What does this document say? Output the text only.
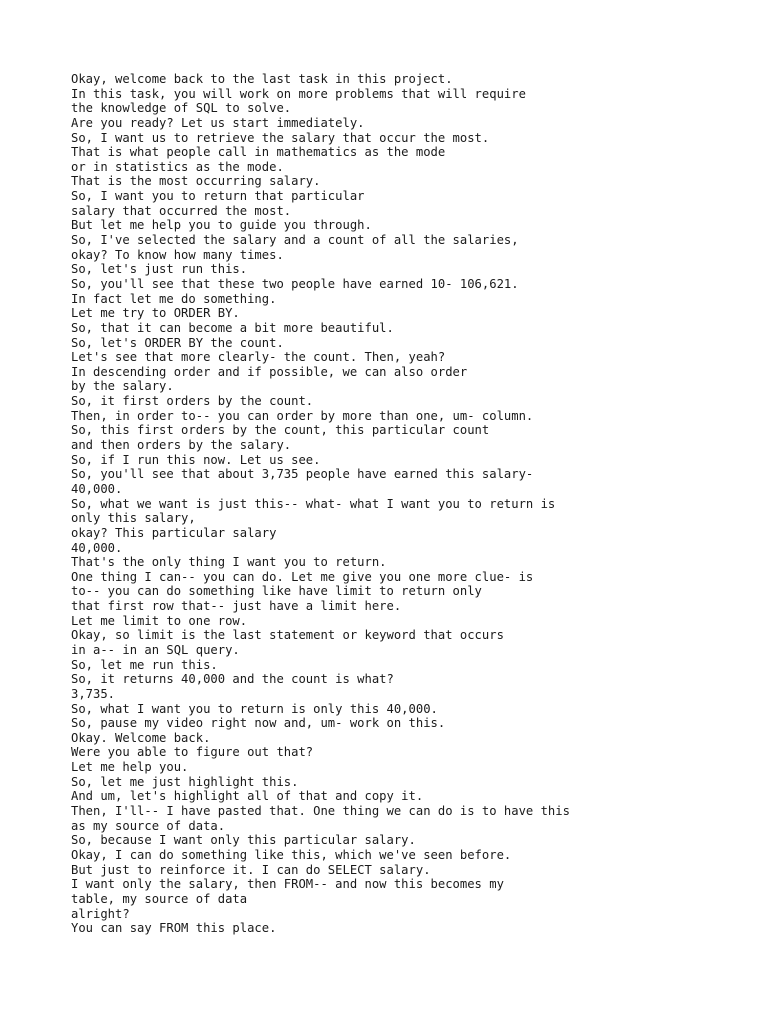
Okay, welcome back to the last task in this project.
In this task, you will work on more problems that will require
the knowledge of SQL to solve.
Are you ready? Let us start immediately.
So, I want us to retrieve the salary that occur the most.
That is what people call in mathematics as the mode
or in statistics as the mode.
That is the most occurring salary.
So, I want you to return that particular
salary that occurred the most.
But let me help you to guide you through.
So, I've selected the salary and a count of all the salaries,
okay? To know how many times.
So, let's just run this.
So, you'll see that these two people have earned 10- 106,621.
In fact let me do something.
Let me try to ORDER BY.
So, that it can become a bit more beautiful.
So, let's ORDER BY the count.
Let's see that more clearly- the count. Then, yeah?
In descending order and if possible, we can also order
by the salary.
So, it first orders by the count.
Then, in order to-- you can order by more than one, um- column.
So, this first orders by the count, this particular count
and then orders by the salary.
So, if I run this now. Let us see.
So, you'll see that about 3,735 people have earned this salary-
40,000.
So, what we want is just this-- what- what I want you to return is
only this salary,
okay? This particular salary
40,000.
That's the only thing I want you to return.
One thing I can-- you can do. Let me give you one more clue- is
to-- you can do something like have limit to return only
that first row that-- just have a limit here.
Let me limit to one row.
Okay, so limit is the last statement or keyword that occurs
in a-- in an SQL query.
So, let me run this.
So, it returns 40,000 and the count is what?
3,735.
So, what I want you to return is only this 40,000.
So, pause my video right now and, um- work on this.
Okay. Welcome back.
Were you able to figure out that?
Let me help you.
So, let me just highlight this.
And um, let's highlight all of that and copy it.
Then, I'll-- I have pasted that. One thing we can do is to have this
as my source of data.
So, because I want only this particular salary.
Okay, I can do something like this, which we've seen before.
But just to reinforce it. I can do SELECT salary.
I want only the salary, then FROM-- and now this becomes my
table, my source of data
alright?
You can say FROM this place.
